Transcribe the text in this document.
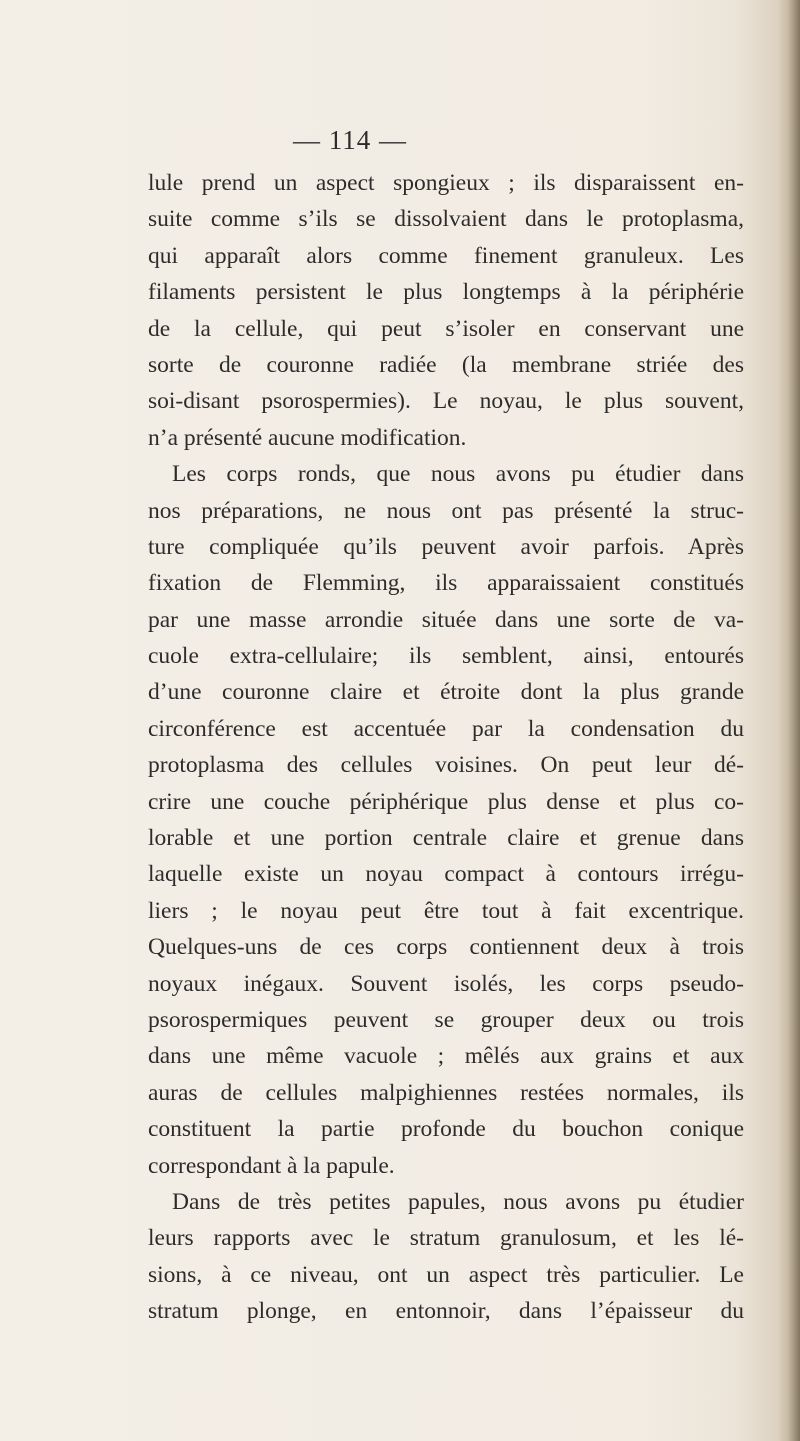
— 114 —
lule prend un aspect spongieux ; ils disparaissent en-
suite comme s’ils se dissolvaient dans le protoplasma,
qui apparaît alors comme finement granuleux. Les
filaments persistent le plus longtemps à la périphérie
de la cellule, qui peut s’isoler en conservant une
sorte de couronne radiée (la membrane striée des
soi-disant psorospermies). Le noyau, le plus souvent,
n’a présenté aucune modification.
Les corps ronds, que nous avons pu étudier dans
nos préparations, ne nous ont pas présenté la struc-
ture compliquée qu’ils peuvent avoir parfois. Après
fixation de Flemming, ils apparaissaient constitués
par une masse arrondie située dans une sorte de va-
cuole extra-cellulaire; ils semblent, ainsi, entourés
d’une couronne claire et étroite dont la plus grande
circonférence est accentuée par la condensation du
protoplasma des cellules voisines. On peut leur dé-
crire une couche périphérique plus dense et plus co-
lorable et une portion centrale claire et grenue dans
laquelle existe un noyau compact à contours irrégu-
liers ; le noyau peut être tout à fait excentrique.
Quelques-uns de ces corps contiennent deux à trois
noyaux inégaux. Souvent isolés, les corps pseudo-
psorospermiques peuvent se grouper deux ou trois
dans une même vacuole ; mêlés aux grains et aux
auras de cellules malpighiennes restées normales, ils
constituent la partie profonde du bouchon conique
correspondant à la papule.
Dans de très petites papules, nous avons pu étudier
leurs rapports avec le stratum granulosum, et les lé-
sions, à ce niveau, ont un aspect très particulier. Le
stratum plonge, en entonnoir, dans l’épaisseur du
